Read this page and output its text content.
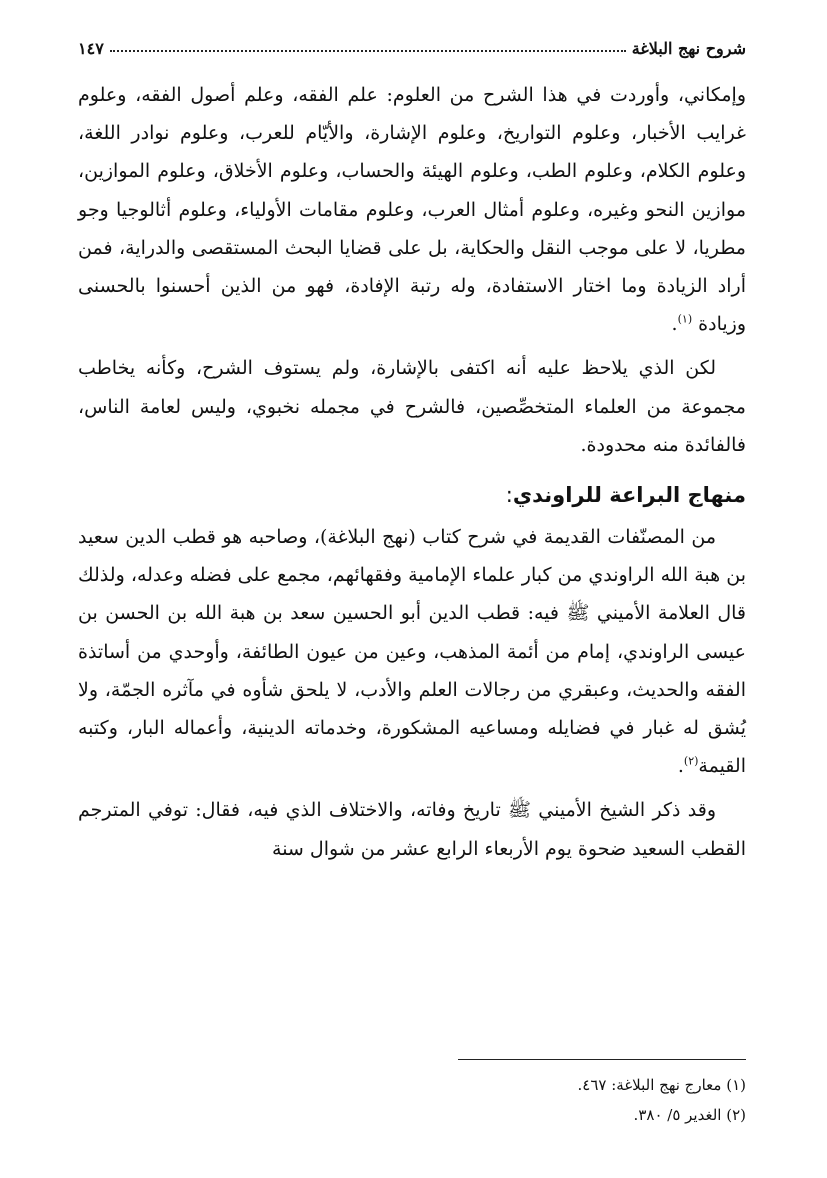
شروح نهج البلاغة
١٤٧

وإمكاني، وأوردت في هذا الشرح من العلوم: علم الفقه، وعلم أصول الفقه، وعلوم غرايب الأخبار، وعلوم التواريخ، وعلوم الإشارة، والأيّام للعرب، وعلوم نوادر اللغة، وعلوم الكلام، وعلوم الطب، وعلوم الهيئة والحساب، وعلوم الأخلاق، وعلوم الموازين، موازين النحو وغيره، وعلوم أمثال العرب، وعلوم مقامات الأولياء، وعلوم أثالوجيا وجو مطريا، لا على موجب النقل والحكاية، بل على قضايا البحث المستقصى والدراية، فمن أراد الزيادة وما اختار الاستفادة، وله رتبة الإفادة، فهو من الذين أحسنوا بالحسنى وزيادة $^{(١)}$.

لكن الذي يلاحظ عليه أنه اكتفى بالإشارة، ولم يستوف الشرح، وكأنه يخاطب مجموعة من العلماء المتخصِّصين، فالشرح في مجمله نخبوي، وليس لعامة الناس، فالفائدة منه محدودة.

منهاج البراعة للراوندي:

من المصنّفات القديمة في شرح كتاب (نهج البلاغة)، وصاحبه هو قطب الدين سعيد بن هبة الله الراوندي من كبار علماء الإمامية وفقهائهم، مجمع على فضله وعدله، ولذلك قال العلامة الأميني ﷺ فيه: قطب الدين أبو الحسين سعد بن هبة الله بن الحسن بن عيسى الراوندي، إمام من أئمة المذهب، وعين من عيون الطائفة، وأوحدي من أساتذة الفقه والحديث، وعبقري من رجالات العلم والأدب، لا يلحق شأوه في مآثره الجمّة، ولا يُشق له غبار في فضايله ومساعيه المشكورة، وخدماته الدينية، وأعماله البار، وكتبه القيمة$^{(٢)}$.

وقد ذكر الشيخ الأميني ﷺ تاريخ وفاته، والاختلاف الذي فيه، فقال: توفي المترجم القطب السعيد ضحوة يوم الأربعاء الرابع عشر من شوال سنة

(١) معارج نهج البلاغة: ٤٦٧.
(٢) الغدير ٥/ ٣٨٠.
